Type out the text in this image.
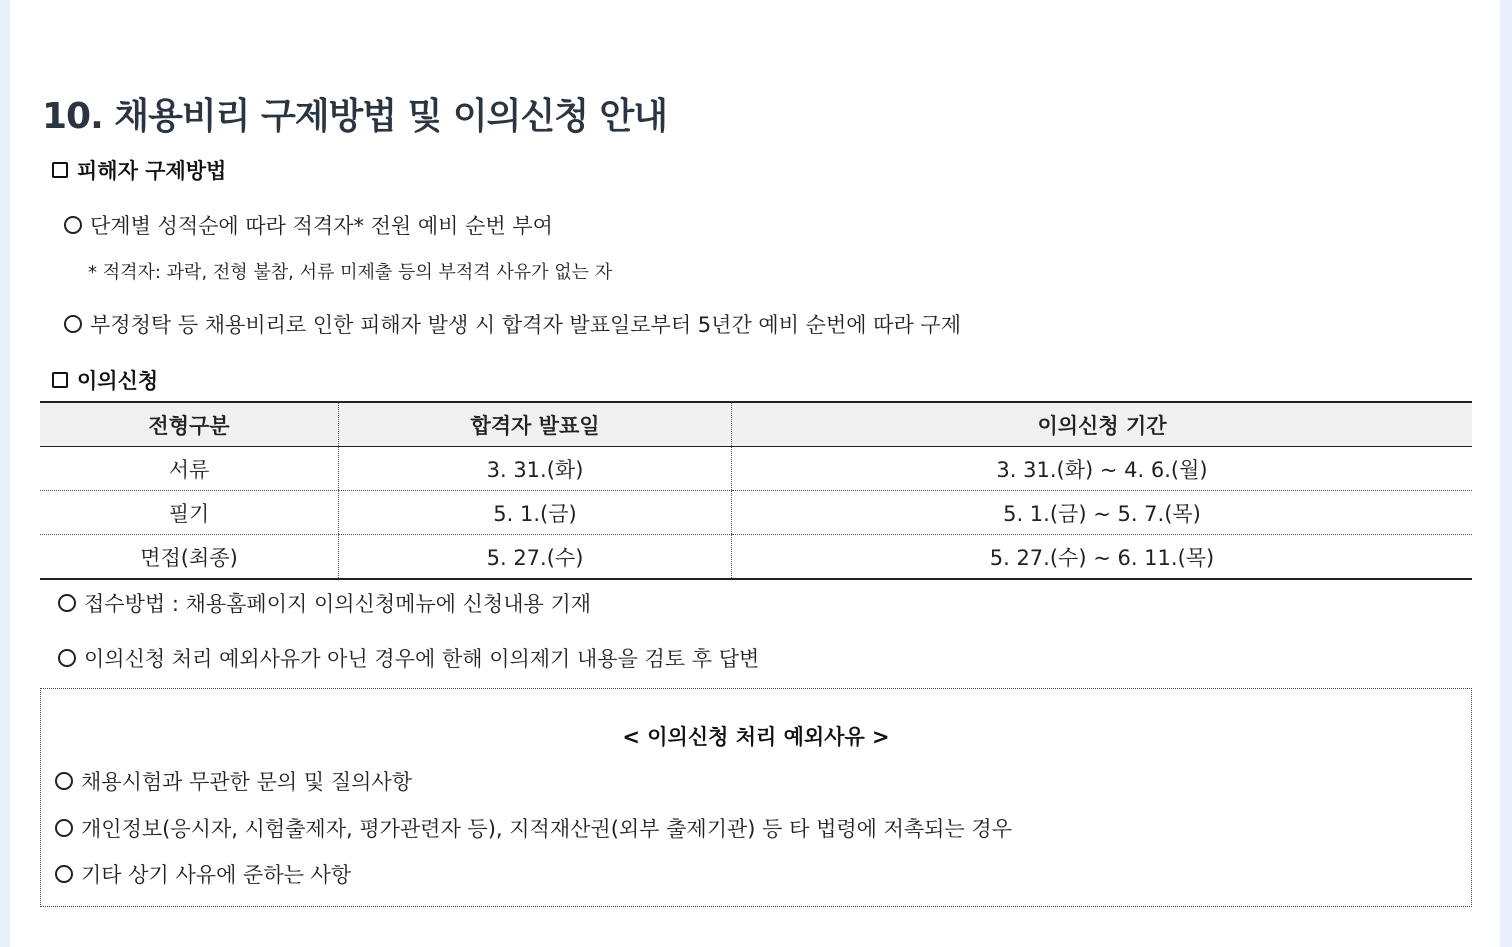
10. 채용비리 구제방법 및 이의신청 안내
피해자 구제방법
단계별 성적순에 따라 적격자* 전원 예비 순번 부여
* 적격자: 과락, 전형 불참, 서류 미제출 등의 부적격 사유가 없는 자
부정청탁 등 채용비리로 인한 피해자 발생 시 합격자 발표일로부터 5년간 예비 순번에 따라 구제
이의신청
전형구분	합격자 발표일	이의신청 기간
서류	3. 31.(화)	3. 31.(화) ~ 4. 6.(월)
필기	5. 1.(금)	5. 1.(금) ~ 5. 7.(목)
면접(최종)	5. 27.(수)	5. 27.(수) ~ 6. 11.(목)
접수방법 : 채용홈페이지 이의신청메뉴에 신청내용 기재
이의신청 처리 예외사유가 아닌 경우에 한해 이의제기 내용을 검토 후 답변
< 이의신청 처리 예외사유 >
채용시험과 무관한 문의 및 질의사항
개인정보(응시자, 시험출제자, 평가관련자 등), 지적재산권(외부 출제기관) 등 타 법령에 저촉되는 경우
기타 상기 사유에 준하는 사항
